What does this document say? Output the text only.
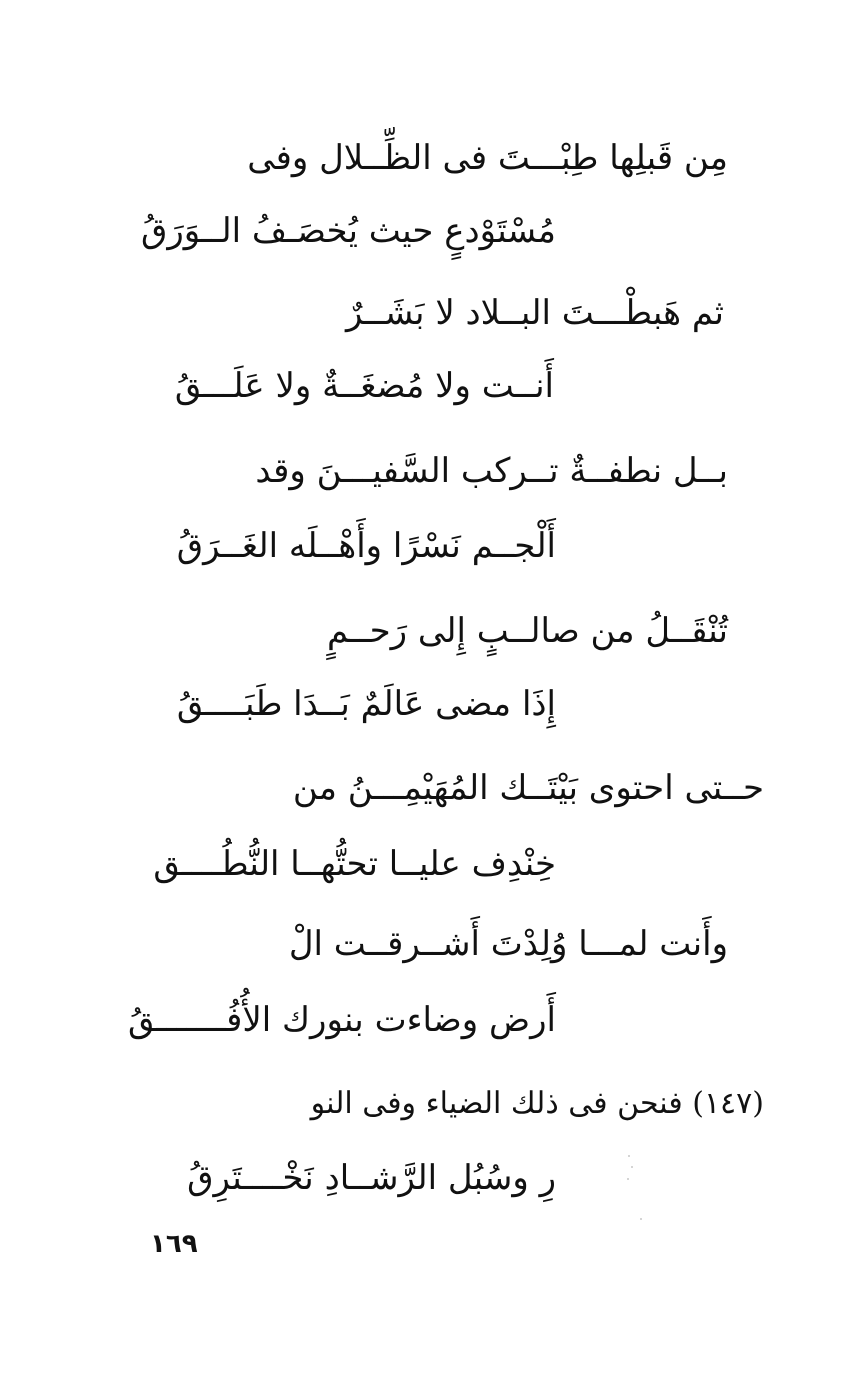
مِن قَبلِها طِبْـــتَ فى الظِّــلال وفى
مُسْتَوْدعٍ حيث يُخصَـفُ الــوَرَقُ
ثم هَبطْـــتَ البــلاد لا بَشَــرٌ
أَنــت ولا مُضغَــةٌ ولا عَلَـــقُ
بــل نطفــةٌ تــركب السَّفيـــنَ وقد
أَلْجــم نَسْرًا وأَهْــلَه الغَــرَقُ
تُنْقَــلُ من صالــبٍ إِلى رَحــمٍ
إِذَا مضى عَالَمٌ بَــدَا طَبَــــقُ
حــتى احتوى بَيْتَــك المُهَيْمِـــنُ من
خِنْدِف عليــا تحتُّهــا النُّطُــــق
وأَنت لمـــا وُلِدْتَ أَشــرقــت الْ
أَرض وضاءت بنورك الأُفُـــــــقُ
(١٤٧) فنحن فى ذلك الضياء وفى النو
رِ وسُبُل الرَّشــادِ نَخْــــتَرِقُ
١٦٩
